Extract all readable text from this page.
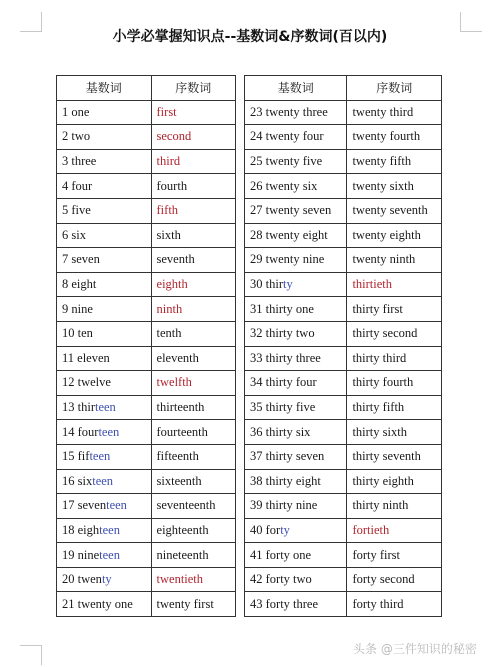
小学必掌握知识点--基数词&序数词(百以内)
基数词	序数词
1 one	first
2 two	second
3 three	third
4 four	fourth
5 five	fifth
6 six	sixth
7 seven	seventh
8 eight	eighth
9 nine	ninth
10 ten	tenth
11 eleven	eleventh
12 twelve	twelfth
13 thirteen	thirteenth
14 fourteen	fourteenth
15 fifteen	fifteenth
16 sixteen	sixteenth
17 seventeen	seventeenth
18 eighteen	eighteenth
19 nineteen	nineteenth
20 twenty	twentieth
21 twenty one	twenty first
基数词	序数词
23 twenty three	twenty third
24 twenty four	twenty fourth
25 twenty five	twenty fifth
26 twenty six	twenty sixth
27 twenty seven	twenty seventh
28 twenty eight	twenty eighth
29 twenty nine	twenty ninth
30 thirty	thirtieth
31 thirty one	thirty first
32 thirty two	thirty second
33 thirty three	thirty third
34 thirty four	thirty fourth
35 thirty five	thirty fifth
36 thirty six	thirty sixth
37 thirty seven	thirty seventh
38 thirty eight	thirty eighth
39 thirty nine	thirty ninth
40 forty	fortieth
41 forty one	forty first
42 forty two	forty second
43 forty three	forty third
头条 @三件知识的秘密
